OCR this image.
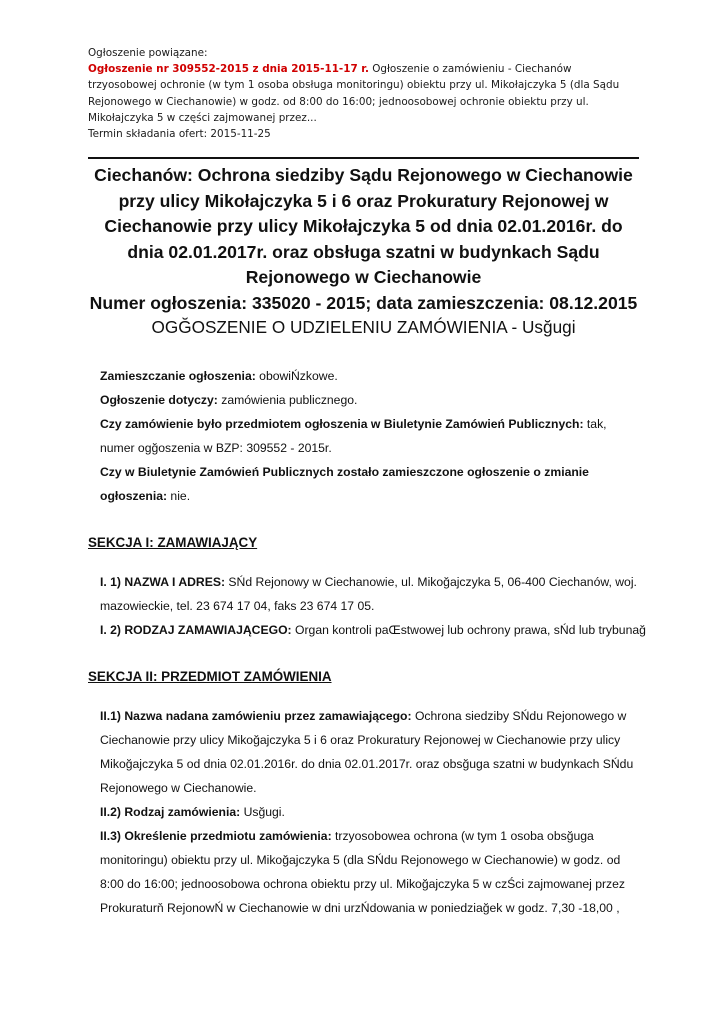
Ogłoszenie powiązane:
Ogłoszenie nr 309552-2015 z dnia 2015-11-17 r. Ogłoszenie o zamówieniu - Ciechanów
trzyosobowej ochronie (w tym 1 osoba obsługa monitoringu) obiektu przy ul. Mikołajczyka 5 (dla Sądu
Rejonowego w Ciechanowie) w godz. od 8:00 do 16:00; jednoosobowej ochronie obiektu przy ul.
Mikołajczyka 5 w części zajmowanej przez...
Termin składania ofert: 2015-11-25
Ciechanów: Ochrona siedziby Sądu Rejonowego w Ciechanowie
przy ulicy Mikołajczyka 5 i 6 oraz Prokuratury Rejonowej w
Ciechanowie przy ulicy Mikołajczyka 5 od dnia 02.01.2016r. do
dnia 02.01.2017r. oraz obsługa szatni w budynkach Sądu
Rejonowego w Ciechanowie
Numer ogłoszenia: 335020 - 2015; data zamieszczenia: 08.12.2015
OGĞOSZENIE O UDZIELENIU ZAMÓWIENIA - Usğugi
Zamieszczanie ogłoszenia: obowiŃzkowe.
Ogłoszenie dotyczy: zamówienia publicznego.
Czy zamówienie było przedmiotem ogłoszenia w Biuletynie Zamówień Publicznych: tak,
numer ogğoszenia w BZP: 309552 - 2015r.
Czy w Biuletynie Zamówień Publicznych zostało zamieszczone ogłoszenie o zmianie
ogłoszenia: nie.
SEKCJA I: ZAMAWIAJĄCY
I. 1) NAZWA I ADRES: SŃd Rejonowy w Ciechanowie, ul. Mikoğajczyka 5, 06-400 Ciechanów, woj.
mazowieckie, tel. 23 674 17 04, faks 23 674 17 05.
I. 2) RODZAJ ZAMAWIAJĄCEGO: Organ kontroli paŒstwowej lub ochrony prawa, sŃd lub trybunağ
SEKCJA II: PRZEDMIOT ZAMÓWIENIA
II.1) Nazwa nadana zamówieniu przez zamawiającego: Ochrona siedziby SŃdu Rejonowego w
Ciechanowie przy ulicy Mikoğajczyka 5 i 6 oraz Prokuratury Rejonowej w Ciechanowie przy ulicy
Mikoğajczyka 5 od dnia 02.01.2016r. do dnia 02.01.2017r. oraz obsğuga szatni w budynkach SŃdu
Rejonowego w Ciechanowie.
II.2) Rodzaj zamówienia: Usğugi.
II.3) Określenie przedmiotu zamówienia: trzyosobowea ochrona (w tym 1 osoba obsğuga
monitoringu) obiektu przy ul. Mikoğajczyka 5 (dla SŃdu Rejonowego w Ciechanowie) w godz. od
8:00 do 16:00; jednoosobowa ochrona obiektu przy ul. Mikoğajczyka 5 w czŚci zajmowanej przez
Prokuraturň RejonowŃ w Ciechanowie w dni urzŃdowania w poniedziağek w godz. 7,30 -18,00 ,
